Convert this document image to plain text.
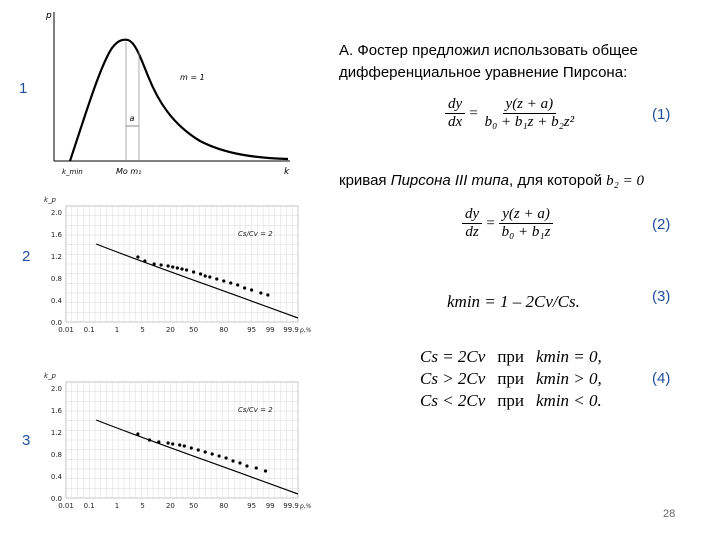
a
m = 1
p
k
k_min	Mo m₁
1
2
2.0
1.6
1.2
0.8
0.4
0.0
0.01 0.1	1	5	20 50	80	95 99 99.9 p,%
k_p
Cs/Cv = 2
3
2.0
1.6
1.2
0.8
0.4
0.0
0.01 0.1	1	5	20 50	80	95 99 99.9 p,%
k_p
Cs/Cv = 2
А. Фостер предложил использовать общее дифференциальное уравнение Пирсона:
$\frac{dy}{dx} = \frac{y(z + a)}{\text{b₀ + b₁z + b₂z²}}$	(1)
кривая Пирсона III типа, для которой b₂ = 0
$\frac{dy}{dz} = \frac{y(z + a)}{\text{b₀ + b₁z}}$	(2)
kmin = 1 – 2Cv/Cs.	(3)
Cs = 2Cv	при	kmin = 0,
Cs > 2Cv	при	kmin > 0,
Cs < 2Cv	при	kmin < 0.
(4)
28
